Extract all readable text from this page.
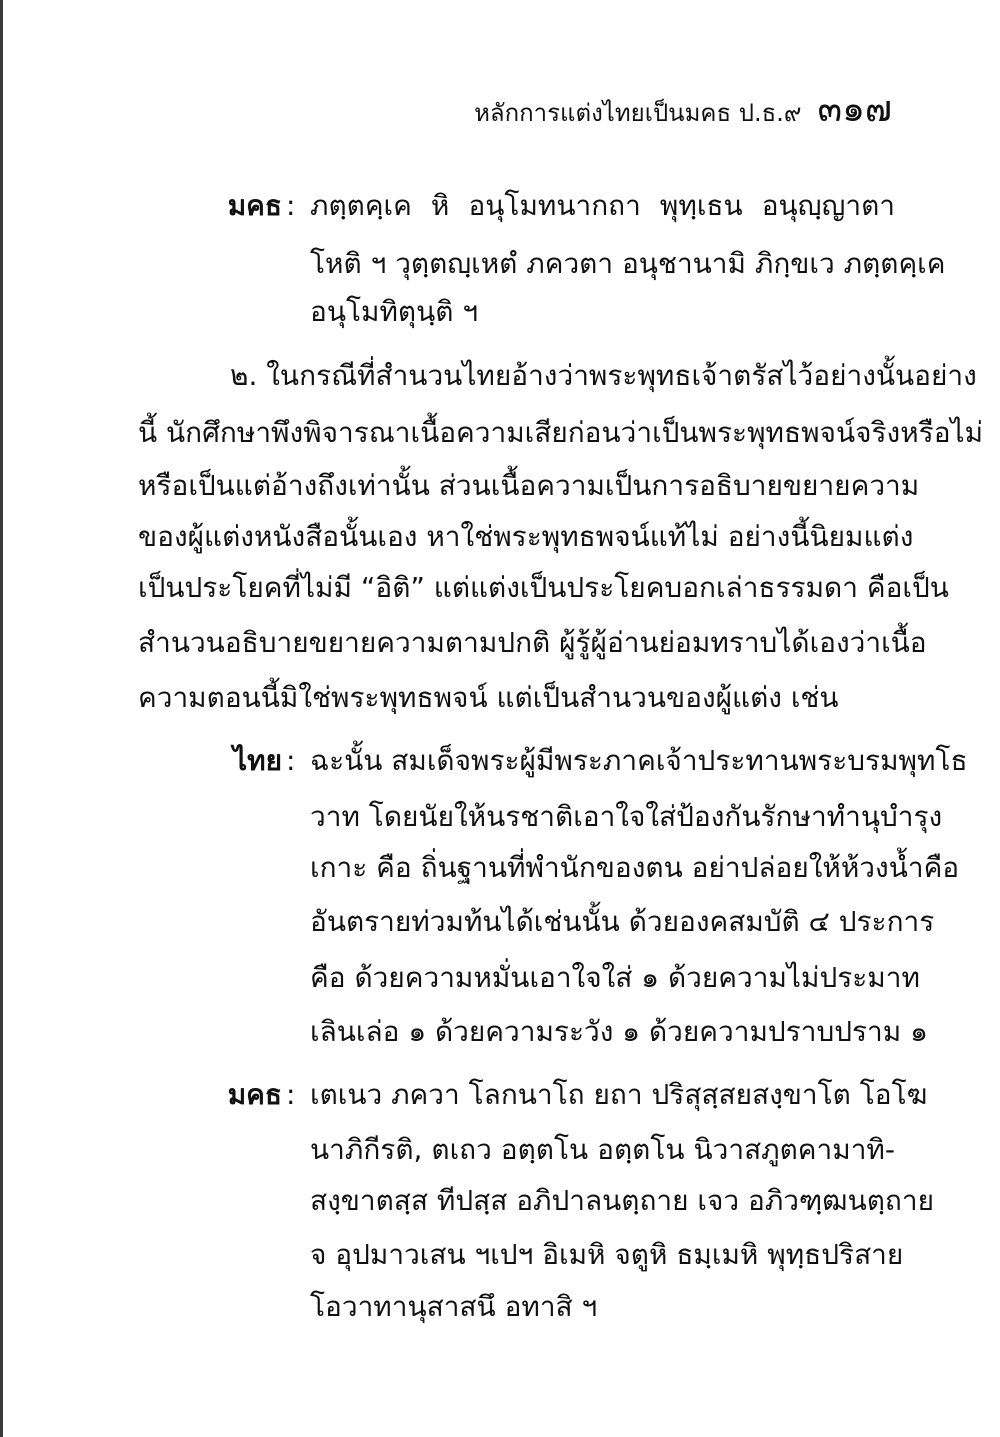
หลักการแต่งไทยเป็นมคธ ป.ธ.๙ ๓๑๗
มคธ : ภตฺตคฺเค หิ อนุโมทนากถา พุทฺเธน อนุญฺญาตา
โหติ ฯ วุตฺตญฺเหตํ ภควตา อนุชานามิ ภิกฺขเว ภตฺตคฺเค
อนุโมทิตุนฺติ ฯ
๒. ในกรณีที่สำนวนไทยอ้างว่าพระพุทธเจ้าตรัสไว้อย่างนั้นอย่าง
นี้ นักศึกษาพึงพิจารณาเนื้อความเสียก่อนว่าเป็นพระพุทธพจน์จริงหรือไม่
หรือเป็นแต่อ้างถึงเท่านั้น ส่วนเนื้อความเป็นการอธิบายขยายความ
ของผู้แต่งหนังสือนั้นเอง หาใช่พระพุทธพจน์แท้ไม่ อย่างนี้นิยมแต่ง
เป็นประโยคที่ไม่มี “อิติ” แต่แต่งเป็นประโยคบอกเล่าธรรมดา คือเป็น
สำนวนอธิบายขยายความตามปกติ ผู้รู้ผู้อ่านย่อมทราบได้เองว่าเนื้อ
ความตอนนี้มิใช่พระพุทธพจน์ แต่เป็นสำนวนของผู้แต่ง เช่น
ไทย : ฉะนั้น สมเด็จพระผู้มีพระภาคเจ้าประทานพระบรมพุทโธ
วาท โดยนัยให้นรชาติเอาใจใส่ป้องกันรักษาทำนุบำรุง
เกาะ คือ ถิ่นฐานที่พำนักของตน อย่าปล่อยให้ห้วงน้ำคือ
อันตรายท่วมท้นได้เช่นนั้น ด้วยองคสมบัติ ๔ ประการ
คือ ด้วยความหมั่นเอาใจใส่ ๑ ด้วยความไม่ประมาท
เลินเล่อ ๑ ด้วยความระวัง ๑ ด้วยความปราบปราม ๑
มคธ : เตเนว ภควา โลกนาโถ ยถา ปริสุสฺสยสงฺขาโต โอโฆ
นาภิกีรติ, ตเถว อตฺตโน อตฺตโน นิวาสภูตคามาทิ-
สงฺขาตสฺส ทีปสฺส อภิปาลนตฺถาย เจว อภิวฑฺฒนตฺถาย
จ อุปมาวเสน ฯเปฯ อิเมหิ จตูหิ ธมฺเมหิ พุทฺธปริสาย
โอวาทานุสาสนึ อทาสิ ฯ
